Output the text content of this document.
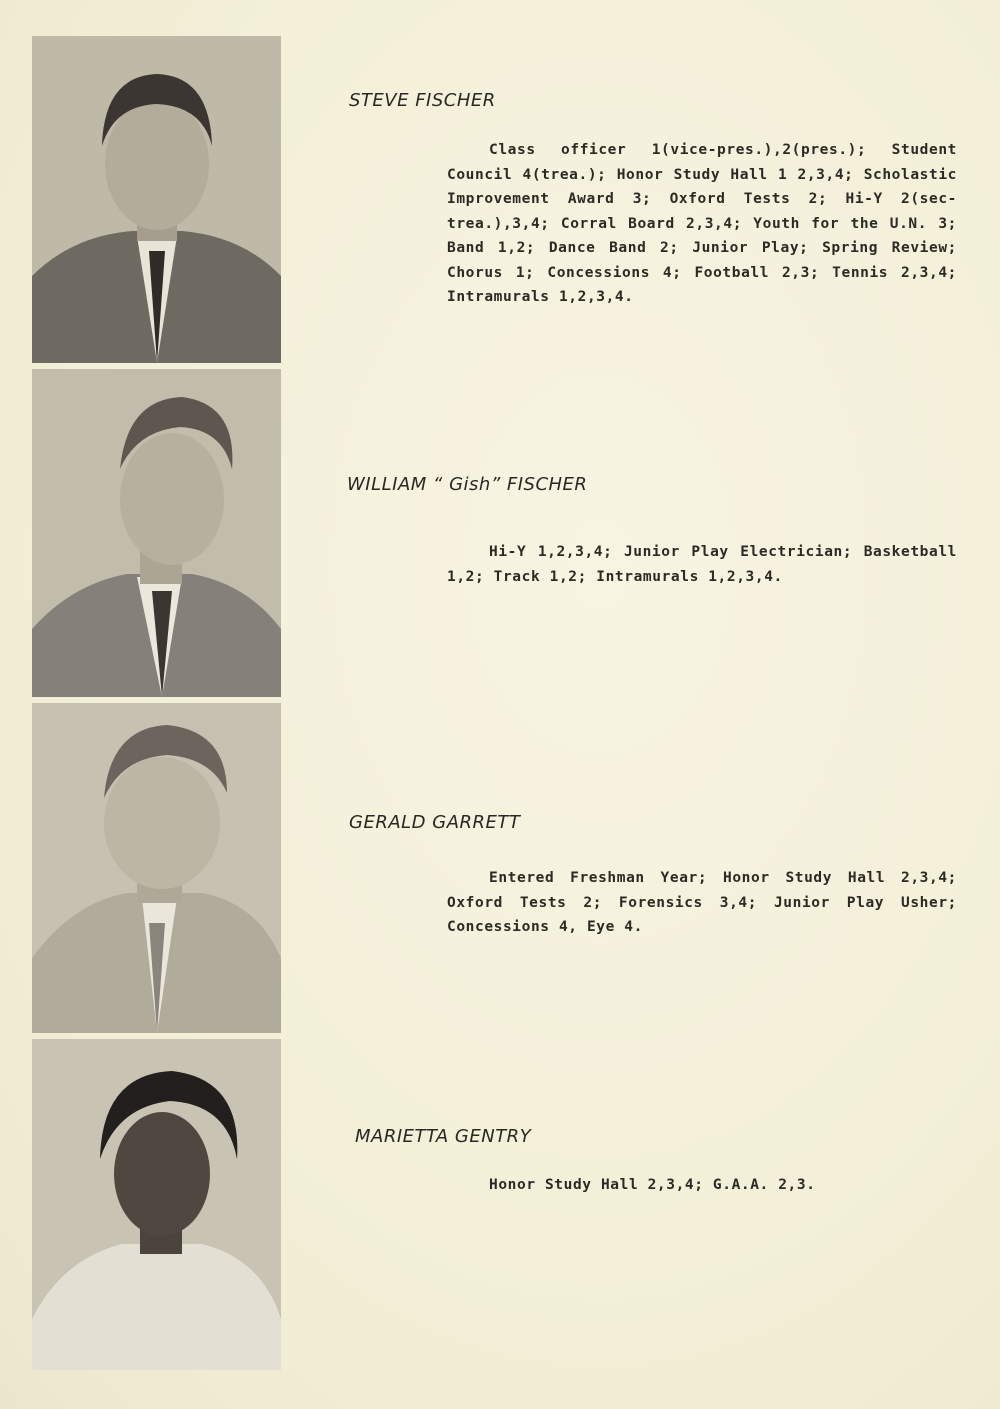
STEVE FISCHER
Class officer 1(vice-pres.),2(pres.); Student Council 4(trea.); Honor Study Hall 1 2,3,4; Scholastic Improvement Award 3; Oxford Tests 2; Hi-Y 2(sec-trea.),3,4; Corral Board 2,3,4; Youth for the U.N. 3; Band 1,2; Dance Band 2; Junior Play; Spring Review; Chorus 1; Concessions 4; Football 2,3; Tennis 2,3,4; Intramurals 1,2,3,4.
WILLIAM “ Gish” FISCHER
Hi-Y 1,2,3,4; Junior Play Electrician; Basketball 1,2; Track 1,2; Intramurals 1,2,3,4.
GERALD GARRETT
Entered Freshman Year; Honor Study Hall 2,3,4; Oxford Tests 2; Forensics 3,4; Junior Play Usher; Concessions 4, Eye 4.
MARIETTA GENTRY
Honor Study Hall 2,3,4; G.A.A. 2,3.
